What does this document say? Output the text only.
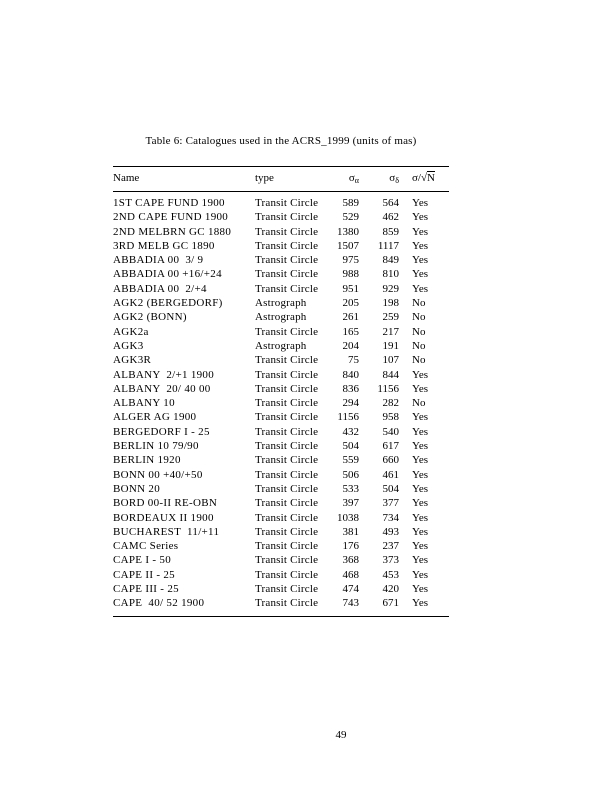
Table 6: Catalogues used in the ACRS_1999 (units of mas)
Name	type	$\sigma_\alpha$	$\sigma_\delta$	σ/√N
1ST CAPE FUND 1900	Transit Circle	589	564	Yes
2ND CAPE FUND 1900	Transit Circle	529	462	Yes
2ND MELBRN GC 1880	Transit Circle	1380	859	Yes
3RD MELB GC 1890	Transit Circle	1507	1117	Yes
ABBADIA 00  3/ 9	Transit Circle	975	849	Yes
ABBADIA 00 +16/+24	Transit Circle	988	810	Yes
ABBADIA 00  2/+4	Transit Circle	951	929	Yes
AGK2 (BERGEDORF)	Astrograph	205	198	No
AGK2 (BONN)	Astrograph	261	259	No
AGK2a	Transit Circle	165	217	No
AGK3	Astrograph	204	191	No
AGK3R	Transit Circle	75	107	No
ALBANY  2/+1 1900	Transit Circle	840	844	Yes
ALBANY  20/ 40 00	Transit Circle	836	1156	Yes
ALBANY 10	Transit Circle	294	282	No
ALGER AG 1900	Transit Circle	1156	958	Yes
BERGEDORF I - 25	Transit Circle	432	540	Yes
BERLIN 10 79/90	Transit Circle	504	617	Yes
BERLIN 1920	Transit Circle	559	660	Yes
BONN 00 +40/+50	Transit Circle	506	461	Yes
BONN 20	Transit Circle	533	504	Yes
BORD 00-II RE-OBN	Transit Circle	397	377	Yes
BORDEAUX II 1900	Transit Circle	1038	734	Yes
BUCHAREST  11/+11	Transit Circle	381	493	Yes
CAMC Series	Transit Circle	176	237	Yes
CAPE I - 50	Transit Circle	368	373	Yes
CAPE II - 25	Transit Circle	468	453	Yes
CAPE III - 25	Transit Circle	474	420	Yes
CAPE  40/ 52 1900	Transit Circle	743	671	Yes
49
